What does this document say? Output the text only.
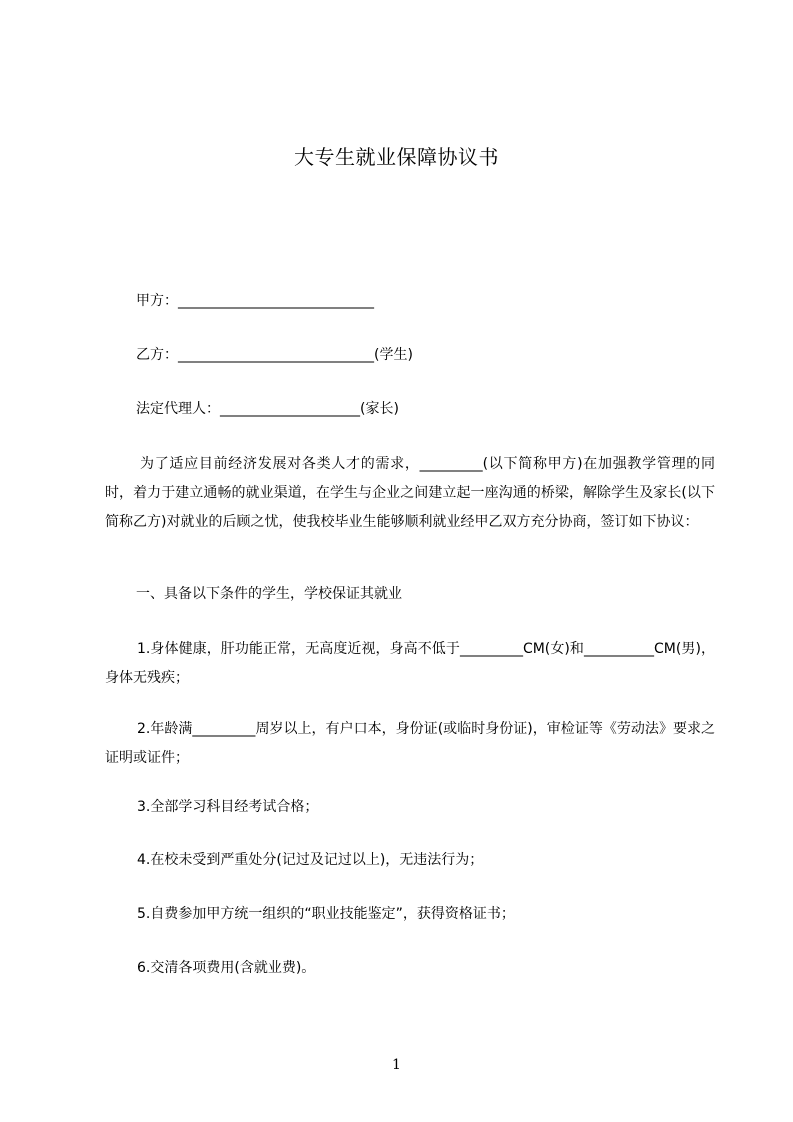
大专生就业保障协议书
甲方：____________________________
乙方：____________________________(学生)
法定代理人：____________________(家长)
为了适应目前经济发展对各类人才的需求，_________(以下简称甲方)在加强教学管理的同时，着力于建立通畅的就业渠道，在学生与企业之间建立起一座沟通的桥梁，解除学生及家长(以下简称乙方)对就业的后顾之忧，使我校毕业生能够顺利就业经甲乙双方充分协商，签订如下协议：
一、具备以下条件的学生，学校保证其就业
1.身体健康，肝功能正常，无高度近视，身高不低于_________CM(女)和__________CM(男)，身体无残疾；
2.年龄满_________周岁以上，有户口本，身份证(或临时身份证)，审检证等《劳动法》要求之证明或证件；
3.全部学习科目经考试合格；
4.在校未受到严重处分(记过及记过以上)，无违法行为；
5.自费参加甲方统一组织的“职业技能鉴定”，获得资格证书；
6.交清各项费用(含就业费)。
1
